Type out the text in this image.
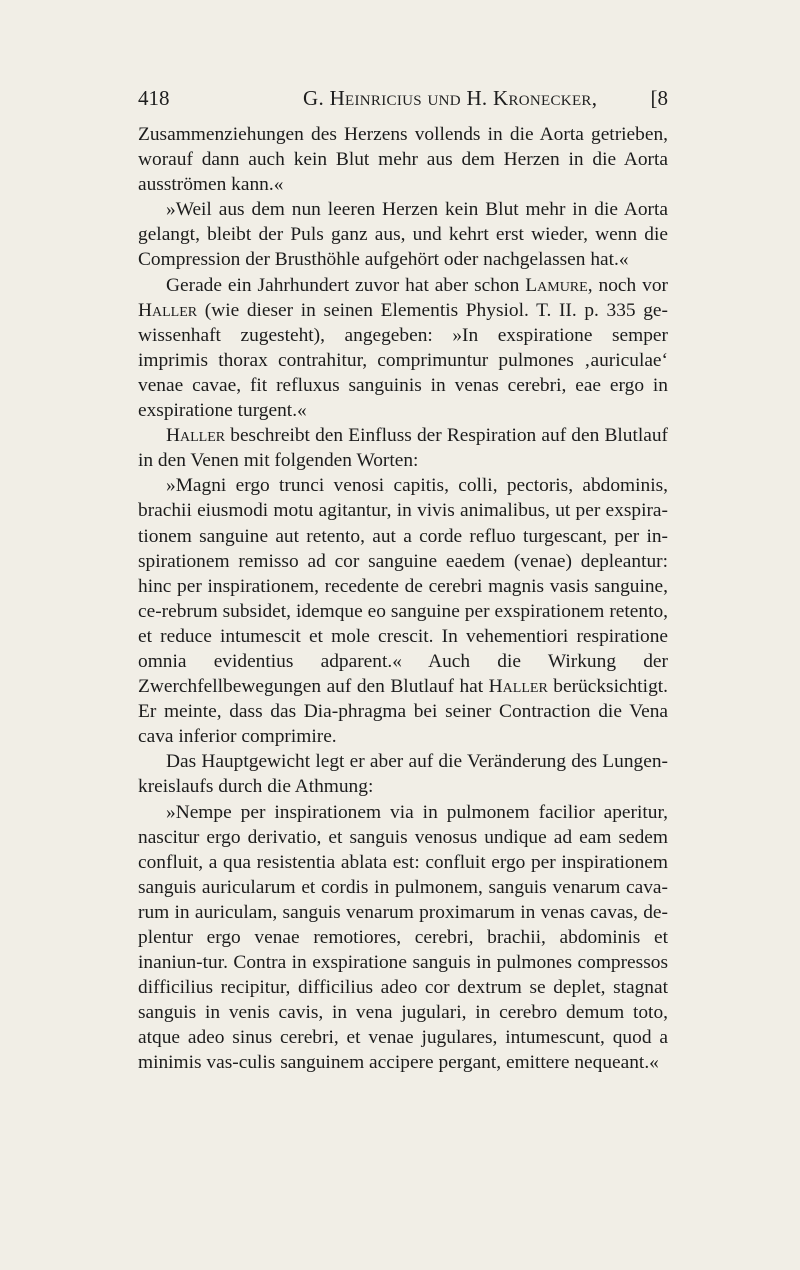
418	G. Heinricius und H. Kronecker,	[8

Zusammenziehungen des Herzens vollends in die Aorta getrieben, worauf dann auch kein Blut mehr aus dem Herzen in die Aorta ausströmen kann.«

»Weil aus dem nun leeren Herzen kein Blut mehr in die Aorta gelangt, bleibt der Puls ganz aus, und kehrt erst wieder, wenn die Compression der Brusthöhle aufgehört oder nachgelassen hat.«

Gerade ein Jahrhundert zuvor hat aber schon Lamure, noch vor Haller (wie dieser in seinen Elementis Physiol. T. II. p. 335 ge-wissenhaft zugesteht), angegeben: »In exspiratione semper imprimis thorax contrahitur, comprimuntur pulmones ‚auriculae‘ venae cavae, fit refluxus sanguinis in venas cerebri, eae ergo in exspiratione turgent.«

Haller beschreibt den Einfluss der Respiration auf den Blutlauf in den Venen mit folgenden Worten:

»Magni ergo trunci venosi capitis, colli, pectoris, abdominis, brachii eiusmodi motu agitantur, in vivis animalibus, ut per exspira-tionem sanguine aut retento, aut a corde refluo turgescant, per in-spirationem remisso ad cor sanguine eaedem (venae) depleantur: hinc per inspirationem, recedente de cerebri magnis vasis sanguine, ce-rebrum subsidet, idemque eo sanguine per exspirationem retento, et reduce intumescit et mole crescit. In vehementiori respiratione omnia evidentius adparent.« Auch die Wirkung der Zwerchfellbewegungen auf den Blutlauf hat Haller berücksichtigt. Er meinte, dass das Dia-phragma bei seiner Contraction die Vena cava inferior comprimire.

Das Hauptgewicht legt er aber auf die Veränderung des Lungen-kreislaufs durch die Athmung:

»Nempe per inspirationem via in pulmonem facilior aperitur, nascitur ergo derivatio, et sanguis venosus undique ad eam sedem confluit, a qua resistentia ablata est: confluit ergo per inspirationem sanguis auricularum et cordis in pulmonem, sanguis venarum cava-rum in auriculam, sanguis venarum proximarum in venas cavas, de-plentur ergo venae remotiores, cerebri, brachii, abdominis et inaniun-tur. Contra in exspiratione sanguis in pulmones compressos difficilius recipitur, difficilius adeo cor dextrum se deplet, stagnat sanguis in venis cavis, in vena jugulari, in cerebro demum toto, atque adeo sinus cerebri, et venae jugulares, intumescunt, quod a minimis vas-culis sanguinem accipere pergant, emittere nequeant.«
